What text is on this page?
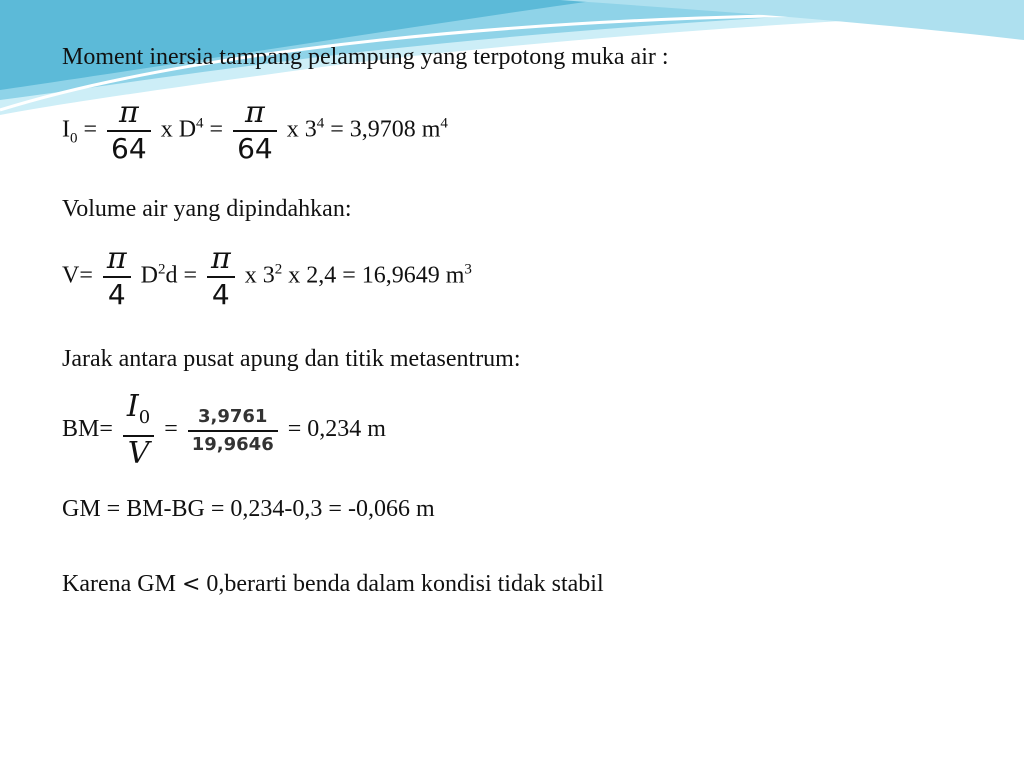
Moment inersia tampang pelampung yang terpotong muka air :
$I_0 = \frac{\pi}{64}$ x $D^4 = \frac{\pi}{64}$ x $3^4 = 3,9708$ $m^4$
Volume air yang dipindahkan:
$V= \frac{\pi}{4} D^2d = \frac{\pi}{4}$ x $3^2$ x 2,4 = 16,9649 $m^3$
Jarak antara pusat apung dan titik metasentrum:
$BM= \frac{I_0}{V} = \frac{3,9761}{19,9646} = 0,234$ m
GM = BM-BG = 0,234-0,3 = -0,066 m
Karena GM < 0,berarti benda dalam kondisi tidak stabil
